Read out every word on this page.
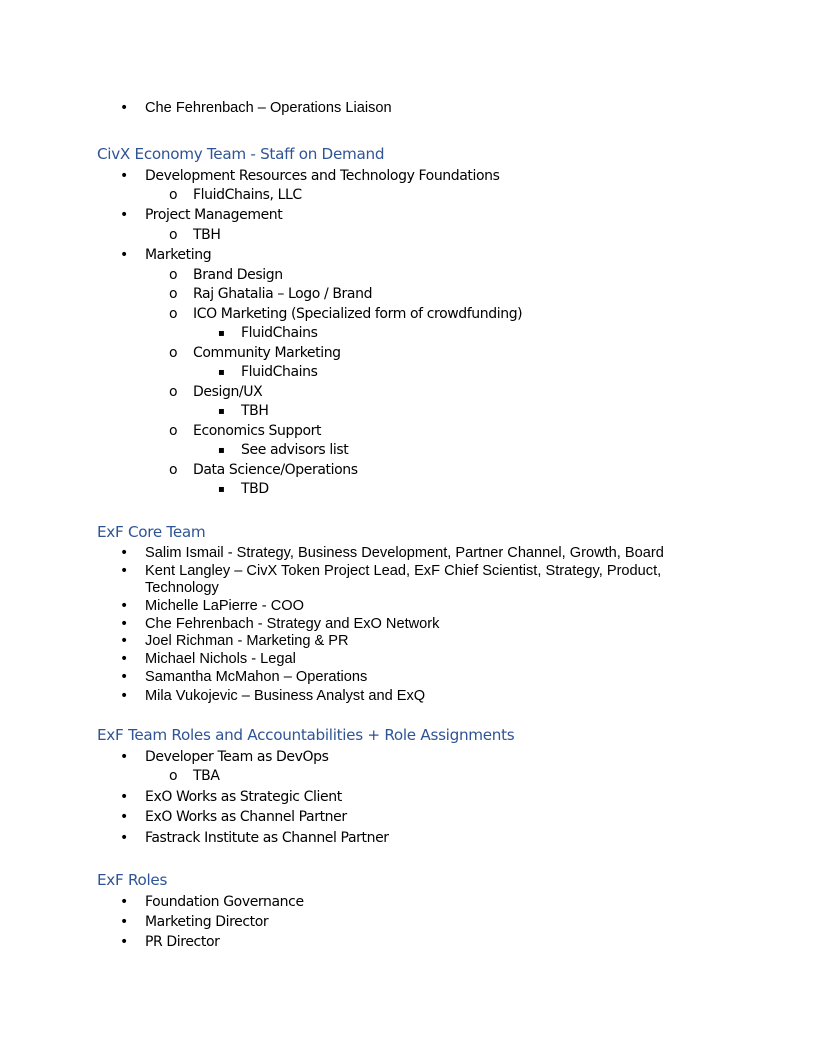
• Che Fehrenbach – Operations Liaison
CivX Economy Team - Staff on Demand
• Development Resources and Technology Foundations
o FluidChains, LLC
• Project Management
o TBH
• Marketing
o Brand Design
o Raj Ghatalia – Logo / Brand
o ICO Marketing (Specialized form of crowdfunding)
▪ FluidChains
o Community Marketing
▪ FluidChains
o Design/UX
▪ TBH
o Economics Support
▪ See advisors list
o Data Science/Operations
▪ TBD
ExF Core Team
• Salim Ismail - Strategy, Business Development, Partner Channel, Growth, Board
• Kent Langley – CivX Token Project Lead, ExF Chief Scientist, Strategy, Product,
Technology
• Michelle LaPierre - COO
• Che Fehrenbach - Strategy and ExO Network
• Joel Richman - Marketing & PR
• Michael Nichols - Legal
• Samantha McMahon – Operations
• Mila Vukojevic – Business Analyst and ExQ
ExF Team Roles and Accountabilities + Role Assignments
• Developer Team as DevOps
o TBA
• ExO Works as Strategic Client
• ExO Works as Channel Partner
• Fastrack Institute as Channel Partner
ExF Roles
• Foundation Governance
• Marketing Director
• PR Director
